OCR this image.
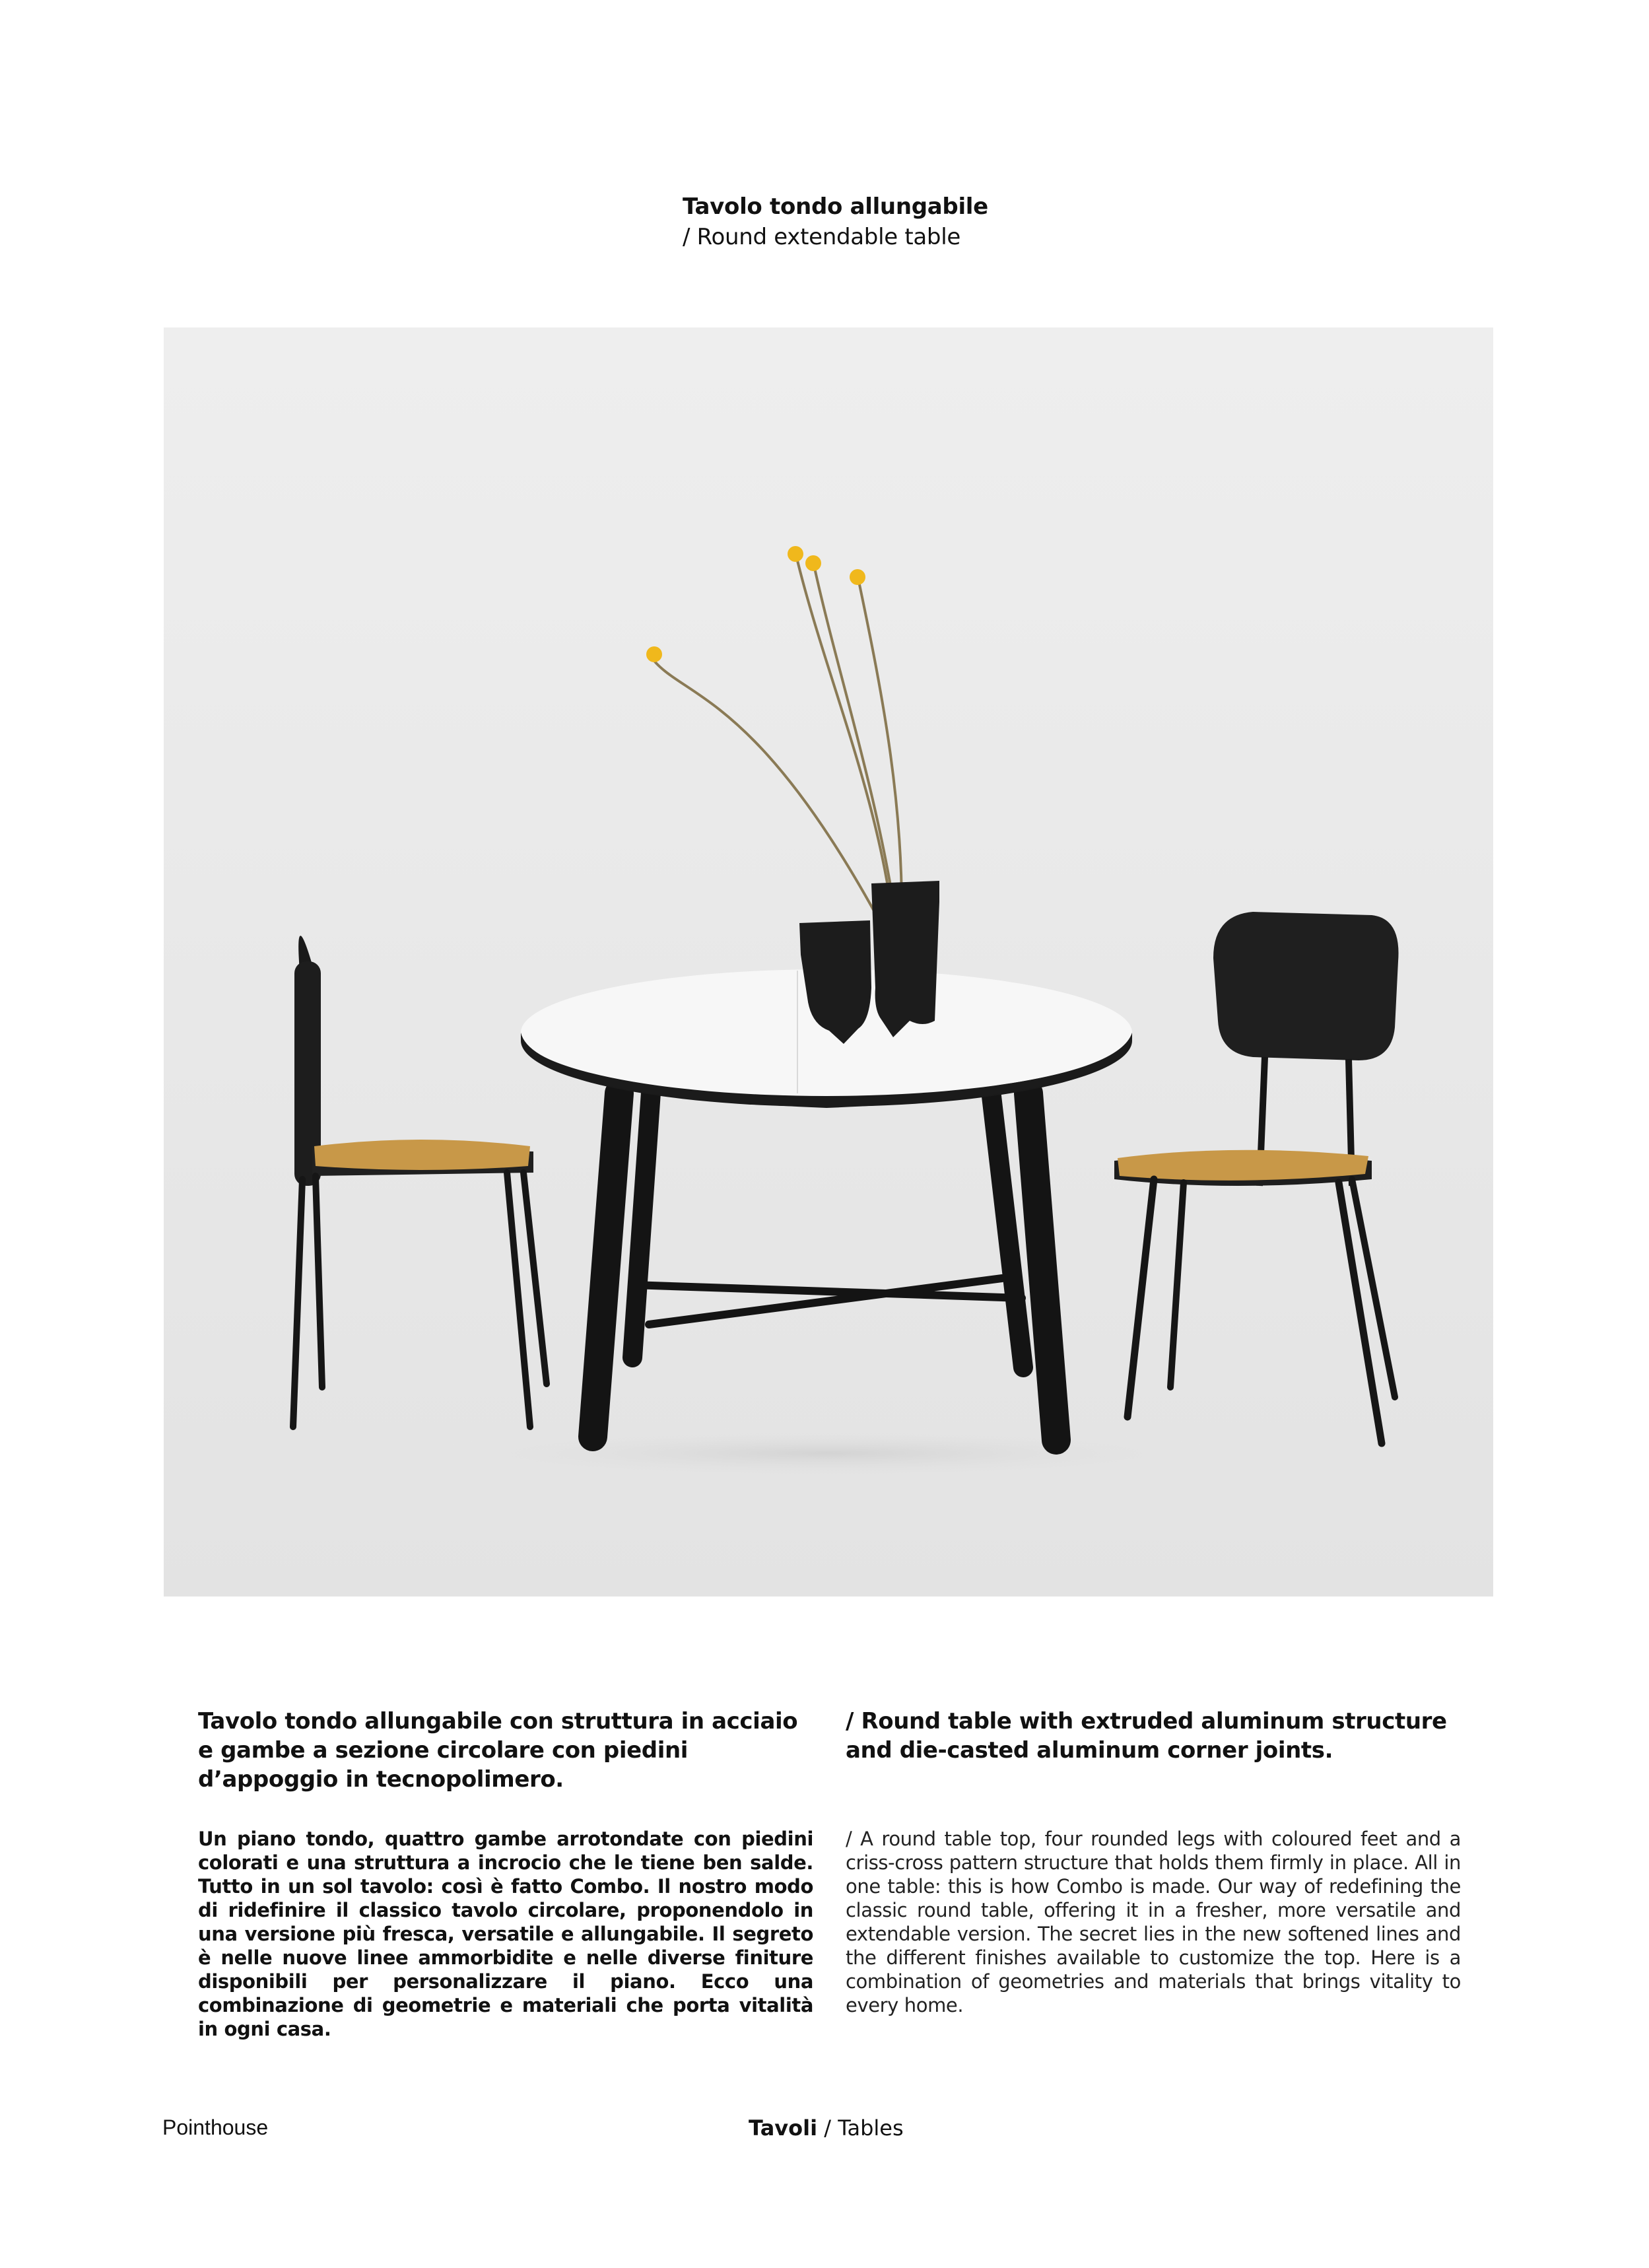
Tavolo tondo allungabile
/ Round extendable table

Tavolo tondo allungabile con struttura in acciaio e gambe a sezione circolare con piedini d’appoggio in tecnopolimero.

Un piano tondo, quattro gambe arrotondate con piedini colorati e una struttura a incrocio che le tiene ben salde. Tutto in un sol tavolo: così è fatto Combo. Il nostro modo di ridefinire il classico tavolo circolare, proponendolo in una versione più fresca, versatile e allungabile. Il segreto è nelle nuove linee ammorbidite e nelle diverse finiture disponibili per personalizzare il piano. Ecco una combinazione di geometrie e materiali che porta vitalità in ogni casa.

/ Round table with extruded aluminum structure and die-casted aluminum corner joints.

/ A round table top, four rounded legs with coloured feet and a criss-cross pattern structure that holds them firmly in place. All in one table: this is how Combo is made. Our way of redefining the classic round table, offering it in a fresher, more versatile and extendable version. The secret lies in the new softened lines and the different finishes available to customize the top. Here is a combination of geometries and materials that brings vitality to every home.

Pointhouse	Tavoli / Tables
